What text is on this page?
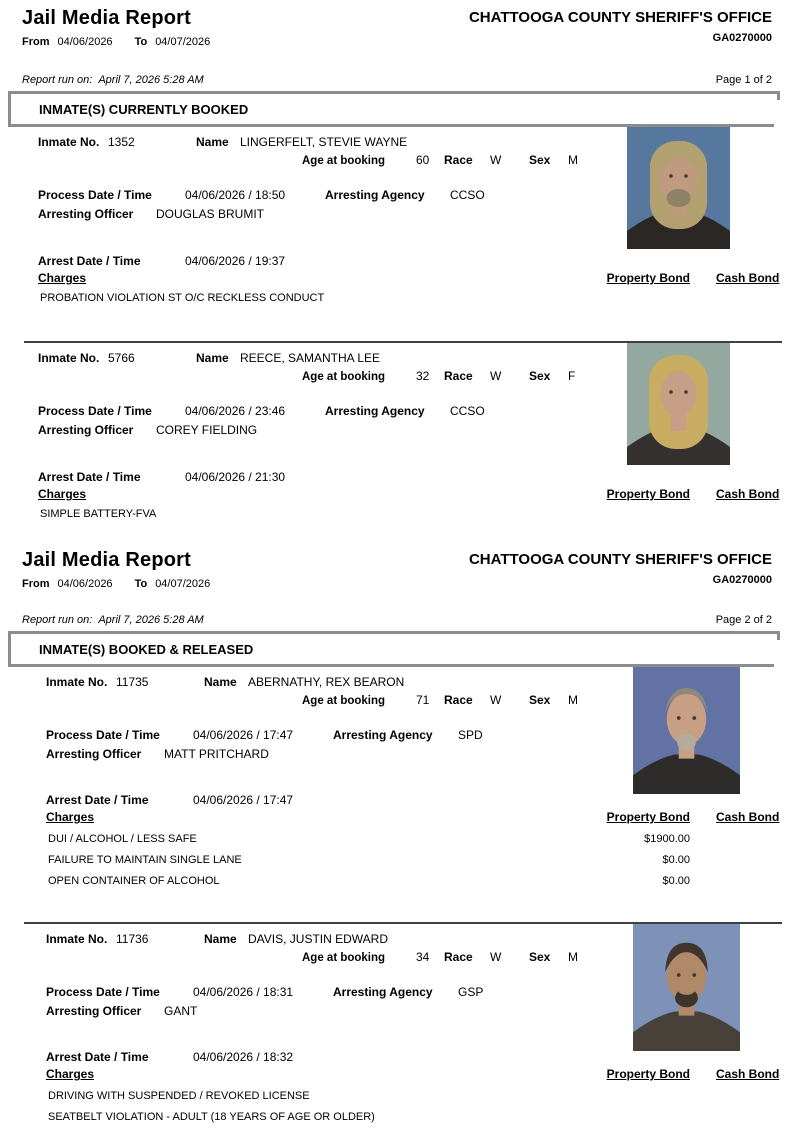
Jail Media Report
From 04/06/2026 To 04/07/2026
CHATTOOGA COUNTY SHERIFF'S OFFICE
GA0270000
Report run on: April 7, 2026 5:28 AM	Page 1 of 2
INMATE(S) CURRENTLY BOOKED
Inmate No. 1352	Name LINGERFELT, STEVIE WAYNE
Age at booking	60	Race	W	Sex	M
Process Date / Time	04/06/2026 / 18:50	Arresting Agency	CCSO
Arresting Officer	DOUGLAS BRUMIT
Arrest Date / Time	04/06/2026 / 19:37
Charges	Property Bond Cash Bond
PROBATION VIOLATION ST O/C RECKLESS CONDUCT
Inmate No. 5766	Name REECE, SAMANTHA LEE
Age at booking	32	Race	W	Sex	F
Process Date / Time	04/06/2026 / 23:46	Arresting Agency	CCSO
Arresting Officer	COREY FIELDING
Arrest Date / Time	04/06/2026 / 21:30
Charges	Property Bond Cash Bond
SIMPLE BATTERY-FVA
Jail Media Report
From 04/06/2026 To 04/07/2026
CHATTOOGA COUNTY SHERIFF'S OFFICE
GA0270000
Report run on: April 7, 2026 5:28 AM	Page 2 of 2
INMATE(S) BOOKED & RELEASED
Inmate No. 11735	Name ABERNATHY, REX BEARON
Age at booking	71	Race	W	Sex	M
Process Date / Time	04/06/2026 / 17:47	Arresting Agency	SPD
Arresting Officer	MATT PRITCHARD
Arrest Date / Time	04/06/2026 / 17:47
Charges	Property Bond Cash Bond
DUI / ALCOHOL / LESS SAFE	$1900.00
FAILURE TO MAINTAIN SINGLE LANE	$0.00
OPEN CONTAINER OF ALCOHOL	$0.00
Inmate No. 11736	Name DAVIS, JUSTIN EDWARD
Age at booking	34	Race	W	Sex	M
Process Date / Time	04/06/2026 / 18:31	Arresting Agency	GSP
Arresting Officer	GANT
Arrest Date / Time	04/06/2026 / 18:32
Charges	Property Bond Cash Bond
DRIVING WITH SUSPENDED / REVOKED LICENSE
SEATBELT VIOLATION - ADULT (18 YEARS OF AGE OR OLDER)
